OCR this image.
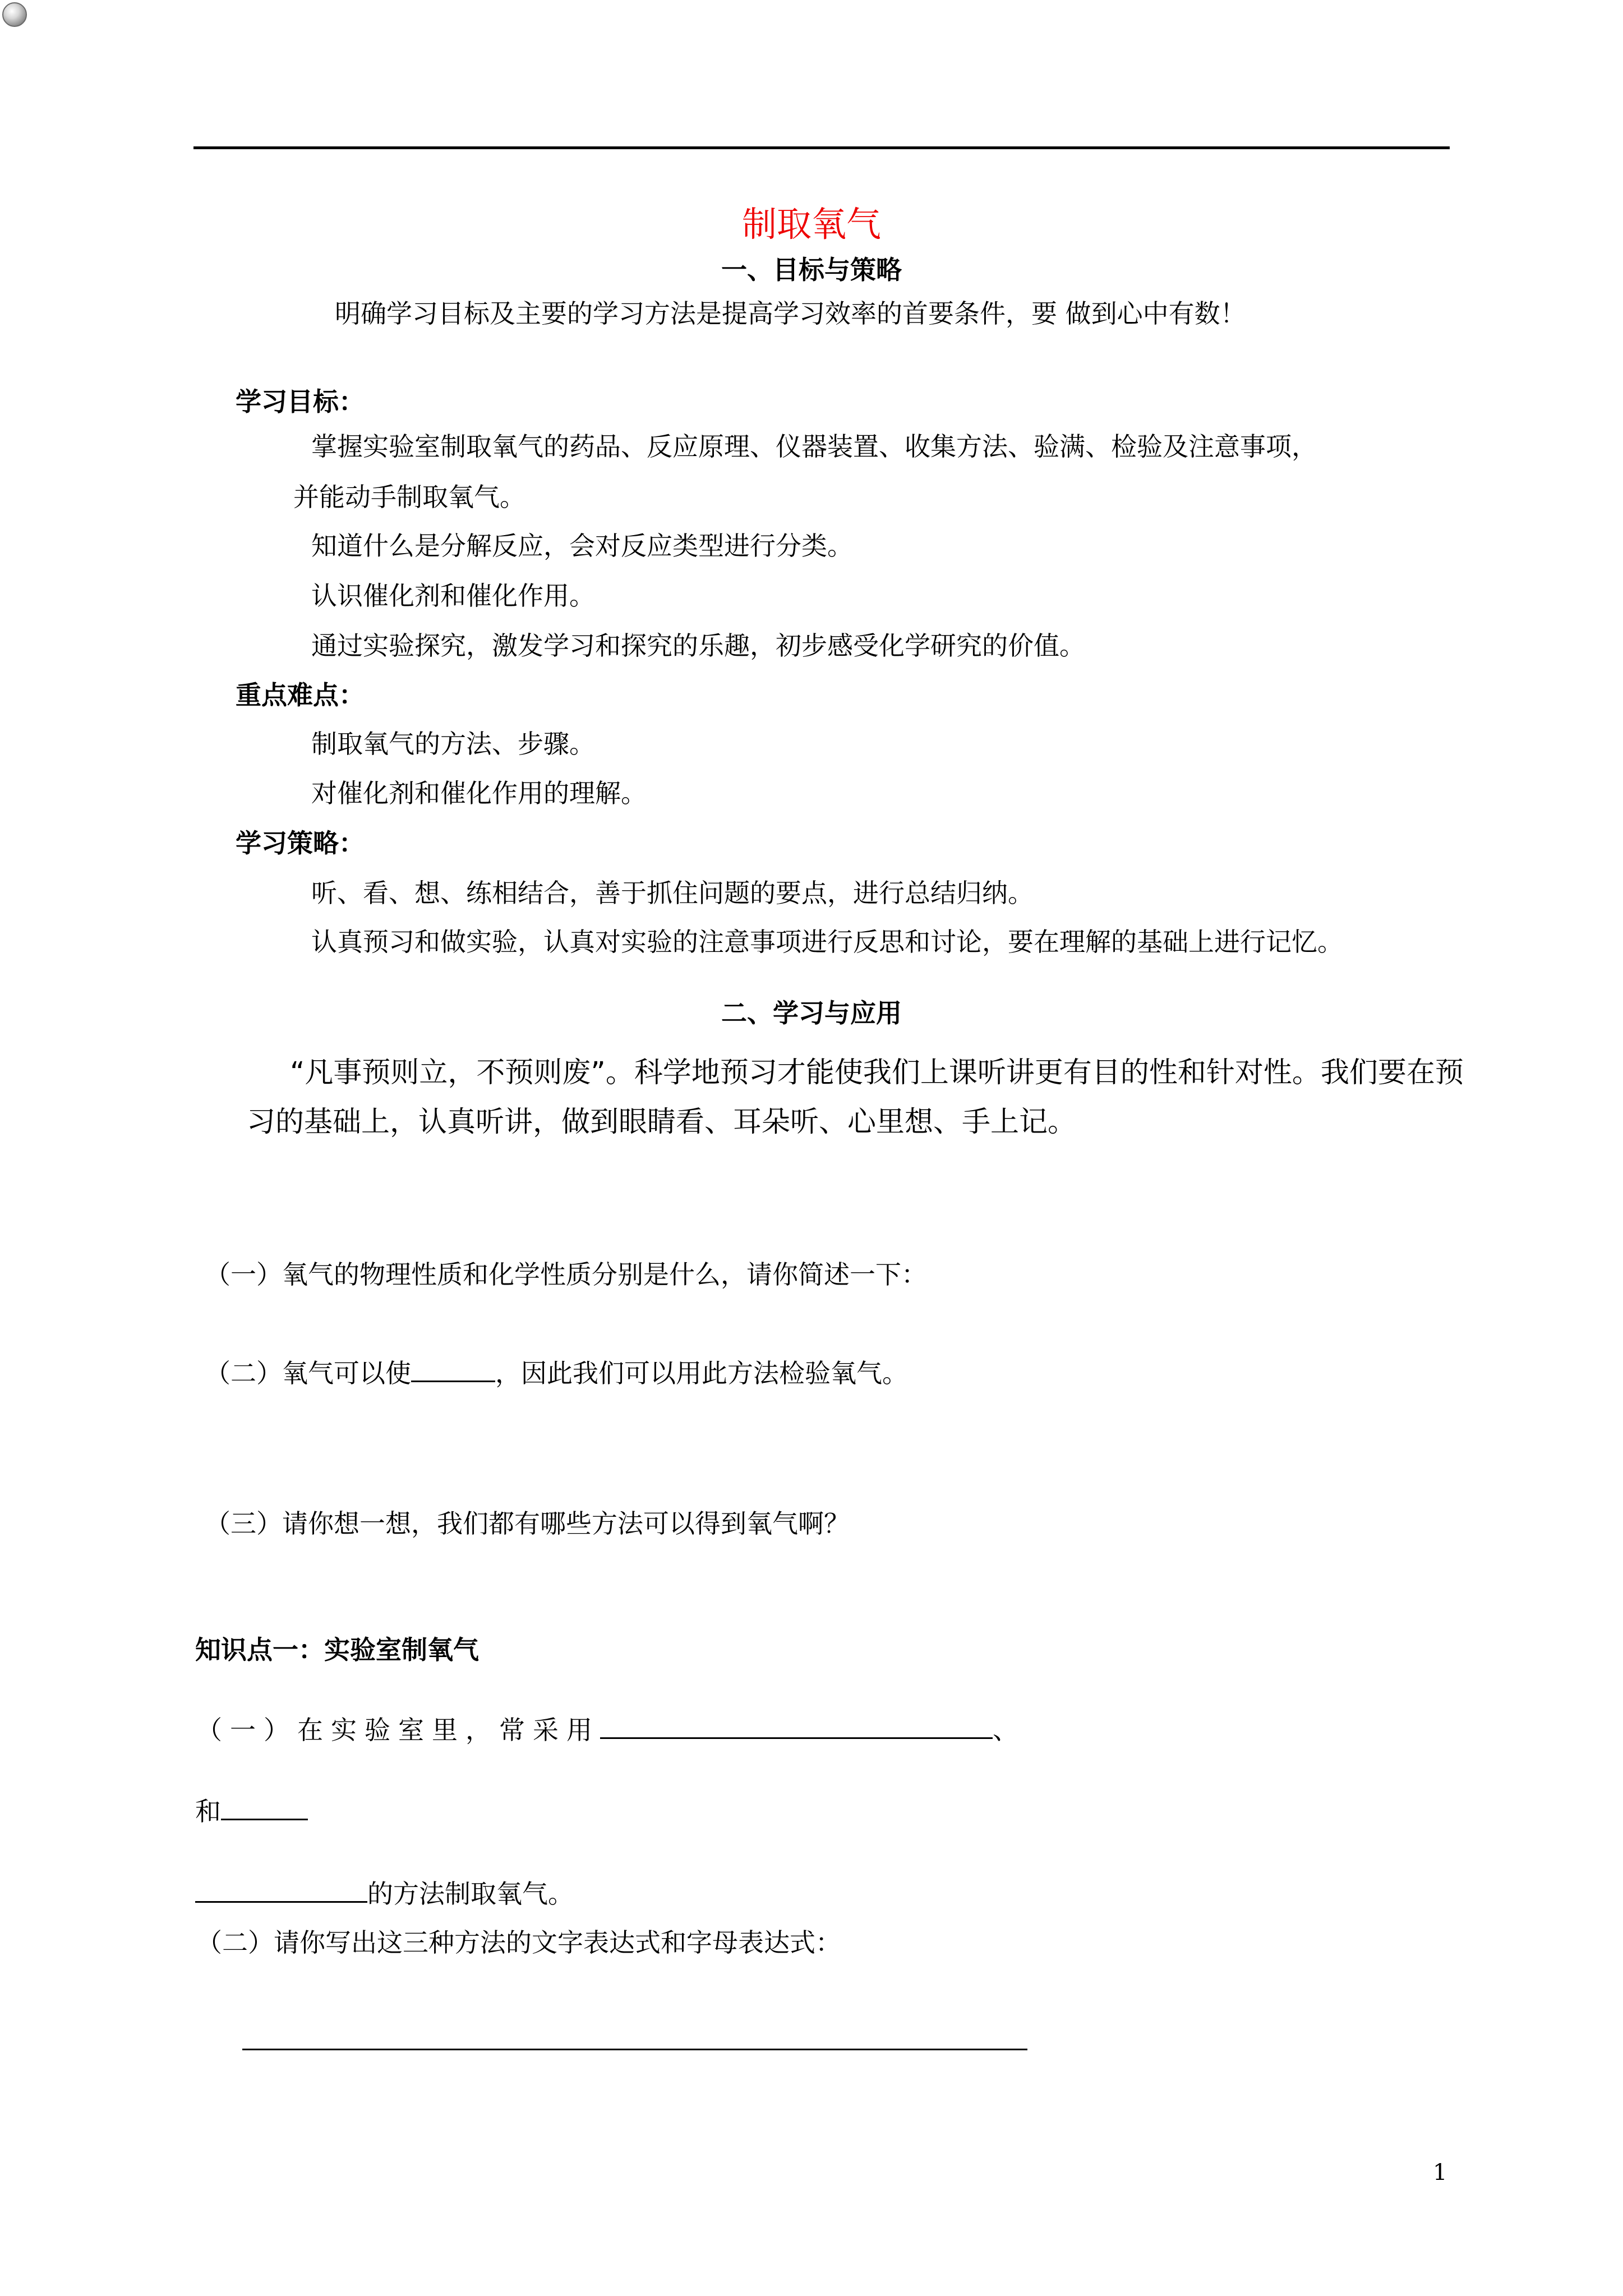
制取氧气
一、目标与策略
明确学习目标及主要的学习方法是提高学习效率的首要条件，要 做到心中有数！
学习目标：
掌握实验室制取氧气的药品、反应原理、仪器装置、收集方法、验满、检验及注意事项，
并能动手制取氧气。
知道什么是分解反应，会对反应类型进行分类。
认识催化剂和催化作用。
通过实验探究，激发学习和探究的乐趣，初步感受化学研究的价值。
重点难点：
制取氧气的方法、步骤。
对催化剂和催化作用的理解。
学习策略：
听、看、想、练相结合，善于抓住问题的要点，进行总结归纳。
认真预习和做实验，认真对实验的注意事项进行反思和讨论，要在理解的基础上进行记忆。
二、学习与应用
“凡事预则立，不预则废”。科学地预习才能使我们上课听讲更有目的性和针对性。我们要在预
习的基础上，认真听讲，做到眼睛看、耳朵听、心里想、手上记。
（一）氧气的物理性质和化学性质分别是什么，请你简述一下：
（二）氧气可以使	，因此我们可以用此方法检验氧气。
（三）请你想一想，我们都有哪些方法可以得到氧气啊？
知识点一：实验室制氧气
（一）在实验室里，常采用	、
和
的方法制取氧气。
（二）请你写出这三种方法的文字表达式和字母表达式：
1
